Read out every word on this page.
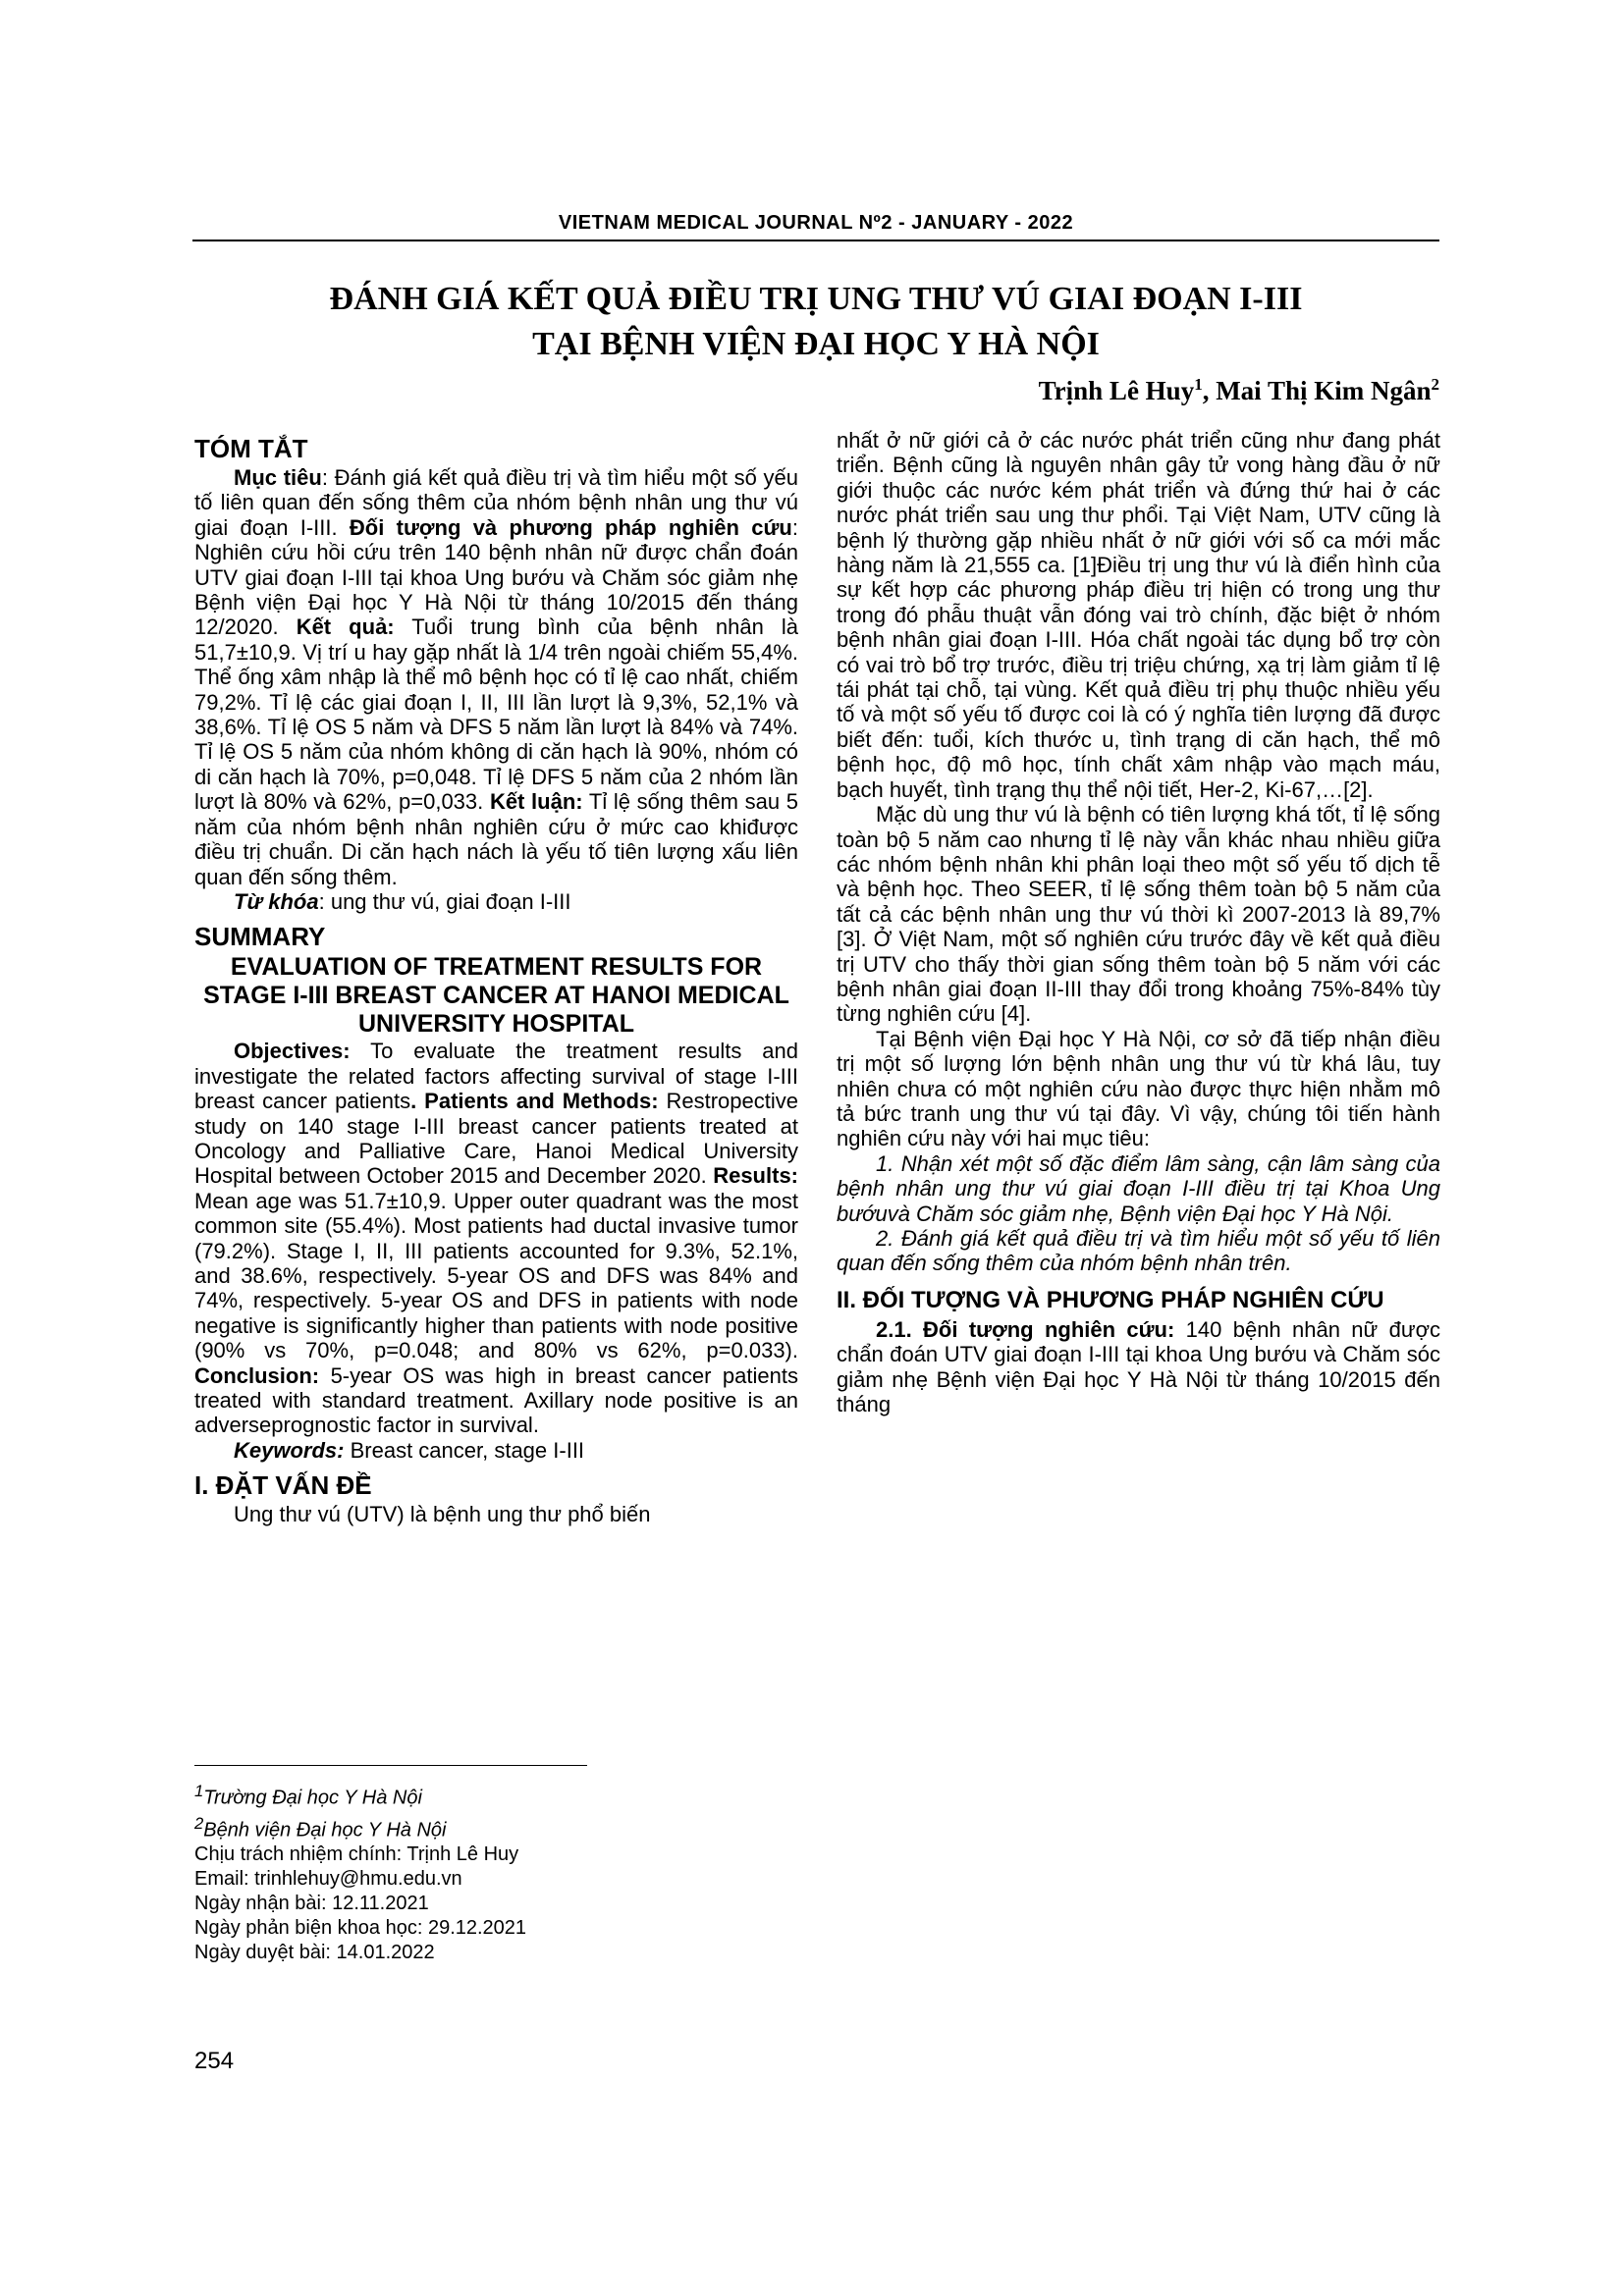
VIETNAM MEDICAL JOURNAL Nº2 - JANUARY - 2022
ĐÁNH GIÁ KẾT QUẢ ĐIỀU TRỊ UNG THƯ VÚ GIAI ĐOẠN I-III
TẠI BỆNH VIỆN ĐẠI HỌC Y HÀ NỘI
Trịnh Lê Huy$^1$, Mai Thị Kim Ngân$^2$
TÓM TẮT

Mục tiêu: Đánh giá kết quả điều trị và tìm hiểu một số yếu tố liên quan đến sống thêm của nhóm bệnh nhân ung thư vú giai đoạn I-III. Đối tượng và phương pháp nghiên cứu: Nghiên cứu hồi cứu trên 140 bệnh nhân nữ được chẩn đoán UTV giai đoạn I-III tại khoa Ung bướu và Chăm sóc giảm nhẹ Bệnh viện Đại học Y Hà Nội từ tháng 10/2015 đến tháng 12/2020. Kết quả: Tuổi trung bình của bệnh nhân là 51,7±10,9. Vị trí u hay gặp nhất là 1/4 trên ngoài chiếm 55,4%. Thể ống xâm nhập là thể mô bệnh học có tỉ lệ cao nhất, chiếm 79,2%. Tỉ lệ các giai đoạn I, II, III lần lượt là 9,3%, 52,1% và 38,6%. Tỉ lệ OS 5 năm và DFS 5 năm lần lượt là 84% và 74%. Tỉ lệ OS 5 năm của nhóm không di căn hạch là 90%, nhóm có di căn hạch là 70%, p=0,048. Tỉ lệ DFS 5 năm của 2 nhóm lần lượt là 80% và 62%, p=0,033. Kết luận: Tỉ lệ sống thêm sau 5 năm của nhóm bệnh nhân nghiên cứu ở mức cao khiđược điều trị chuẩn. Di căn hạch nách là yếu tố tiên lượng xấu liên quan đến sống thêm.

Từ khóa: ung thư vú, giai đoạn I-III

SUMMARY
EVALUATION OF TREATMENT RESULTS FOR STAGE I-III BREAST CANCER AT HANOI MEDICAL UNIVERSITY HOSPITAL

Objectives: To evaluate the treatment results and investigate the related factors affecting survival of stage I-III breast cancer patients. Patients and Methods: Restropective study on 140 stage I-III breast cancer patients treated at Oncology and Palliative Care, Hanoi Medical University Hospital between October 2015 and December 2020. Results: Mean age was 51.7±10,9. Upper outer quadrant was the most common site (55.4%). Most patients had ductal invasive tumor (79.2%). Stage I, II, III patients accounted for 9.3%, 52.1%, and 38.6%, respectively. 5-year OS and DFS was 84% and 74%, respectively. 5-year OS and DFS in patients with node negative is significantly higher than patients with node positive (90% vs 70%, p=0.048; and 80% vs 62%, p=0.033). Conclusion: 5-year OS was high in breast cancer patients treated with standard treatment. Axillary node positive is an adverseprognostic factor in survival.

Keywords: Breast cancer, stage I-III

I. ĐẶT VẤN ĐỀ

Ung thư vú (UTV) là bệnh ung thư phổ biến

nhất ở nữ giới cả ở các nước phát triển cũng như đang phát triển. Bệnh cũng là nguyên nhân gây tử vong hàng đầu ở nữ giới thuộc các nước kém phát triển và đứng thứ hai ở các nước phát triển sau ung thư phổi. Tại Việt Nam, UTV cũng là bệnh lý thường gặp nhiều nhất ở nữ giới với số ca mới mắc hàng năm là 21,555 ca. [1]Điều trị ung thư vú là điển hình của sự kết hợp các phương pháp điều trị hiện có trong ung thư trong đó phẫu thuật vẫn đóng vai trò chính, đặc biệt ở nhóm bệnh nhân giai đoạn I-III. Hóa chất ngoài tác dụng bổ trợ còn có vai trò bổ trợ trước, điều trị triệu chứng, xạ trị làm giảm tỉ lệ tái phát tại chỗ, tại vùng. Kết quả điều trị phụ thuộc nhiều yếu tố và một số yếu tố được coi là có ý nghĩa tiên lượng đã được biết đến: tuổi, kích thước u, tình trạng di căn hạch, thể mô bệnh học, độ mô học, tính chất xâm nhập vào mạch máu, bạch huyết, tình trạng thụ thể nội tiết, Her-2, Ki-67,…[2].

Mặc dù ung thư vú là bệnh có tiên lượng khá tốt, tỉ lệ sống toàn bộ 5 năm cao nhưng tỉ lệ này vẫn khác nhau nhiều giữa các nhóm bệnh nhân khi phân loại theo một số yếu tố dịch tễ và bệnh học. Theo SEER, tỉ lệ sống thêm toàn bộ 5 năm của tất cả các bệnh nhân ung thư vú thời kì 2007-2013 là 89,7%[3]. Ở Việt Nam, một số nghiên cứu trước đây về kết quả điều trị UTV cho thấy thời gian sống thêm toàn bộ 5 năm với các bệnh nhân giai đoạn II-III thay đổi trong khoảng 75%-84% tùy từng nghiên cứu [4].

Tại Bệnh viện Đại học Y Hà Nội, cơ sở đã tiếp nhận điều trị một số lượng lớn bệnh nhân ung thư vú từ khá lâu, tuy nhiên chưa có một nghiên cứu nào được thực hiện nhằm mô tả bức tranh ung thư vú tại đây. Vì vậy, chúng tôi tiến hành nghiên cứu này với hai mục tiêu:

1. Nhận xét một số đặc điểm lâm sàng, cận lâm sàng của bệnh nhân ung thư vú giai đoạn I-III điều trị tại Khoa Ung bướuvà Chăm sóc giảm nhẹ, Bệnh viện Đại học Y Hà Nội.

2. Đánh giá kết quả điều trị và tìm hiểu một số yếu tố liên quan đến sống thêm của nhóm bệnh nhân trên.

II. ĐỐI TƯỢNG VÀ PHƯƠNG PHÁP NGHIÊN CỨU

2.1. Đối tượng nghiên cứu: 140 bệnh nhân nữ được chẩn đoán UTV giai đoạn I-III tại khoa Ung bướu và Chăm sóc giảm nhẹ Bệnh viện Đại học Y Hà Nội từ tháng 10/2015 đến tháng

$^1$Trường Đại học Y Hà Nội
$^2$Bệnh viện Đại học Y Hà Nội
Chịu trách nhiệm chính: Trịnh Lê Huy
Email: trinhlehuy@hmu.edu.vn
Ngày nhận bài: 12.11.2021
Ngày phản biện khoa học: 29.12.2021
Ngày duyệt bài: 14.01.2022
254
